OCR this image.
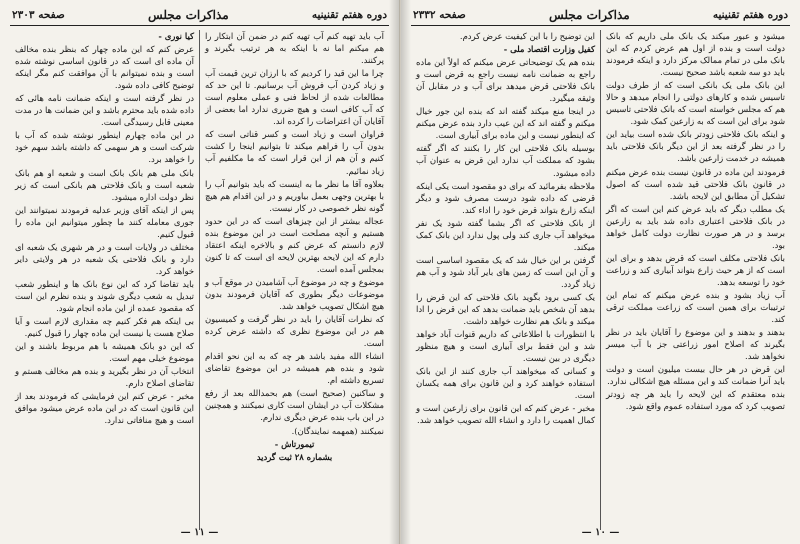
دوره هفتم تقنینیه
مذاکرات مجلس
صفحه ۲۳۰۳

آب باید تهیه کنم آب تهیه کنم در ضمن آن ابتکار را هم میکنم اما نه با اینکه به هر ترتیب بگیرند و پرکنند.

چرا ما این قید را کردیم که با ارزان ترین قیمت آب و زیاد کردن آب فروش آب برسانیم. تا این حد که مطالعات شده از لحاظ فنی و عملی معلوم است که آب کافی است و هیچ ضرری ندارد اما بعضی از آقایان آن اعتراضات را کرده اند.

فراوان است و زیاد است و کسر قناتی است که بدون آب را فراهم میکند تا بتوانیم اینجا را کشت کنیم و آن هم از این قرار است که ما مکلفیم آب زیاد نمائیم.

بعلاوه آقا ما نظر ما به اینست که باید بتوانیم آب را با بهترین وجهی بعمل بیاوریم و در این اقدام هم هیچ گونه نظر خصوصی در کار نیست.

عجاله بیشتر از این چیزهای است که در این حدود هستیم و آنچه مصلحت است در این موضوع بنده لازم دانستم که عرض کنم و بالاخره اینکه اعتقاد دارم که این لایحه بهترین لایحه ای است که تا کنون بمجلس آمده است.

موضوع و چه در موضوع آب آشامیدن در موقع آب و موضوعات دیگر بطوری که آقایان فرمودند بدون هیچ اشکال تصویب خواهد شد.

که نظرات آقایان را باید در نظر گرفت و کمیسیون هم در این موضوع نظری که داشته عرض کرده است.

انشاء الله مفید باشد هر چه که به این نحو اقدام شود و بنده هم همیشه در این موضوع تقاضای تسریع داشته ام.

و ساکنین (صحیح است) هم بحمدالله بعد از رفع مشکلات آب در ایشان است کاری نمیکنند و همچنین در این باب بنده عرض دیگری ندارم.

نمیکنند (همهمه نمایندگان).

تیمورتاش -

بشماره ۲۸ ثبت گردید

کیا نوری -

عرض کنم که این ماده چهار که بنظر بنده مخالف آن ماده ای است که در قانون اساسی نوشته شده است و بنده نمیتوانم با آن موافقت کنم مگر اینکه توضیح کافی داده شود.

در نظر گرفته است و اینکه ضمانت نامه هائی که داده شده باید محترم باشد و این ضمانت ها در مدت معینی قابل رسیدگی است.

در این ماده چهارم اینطور نوشته شده که آب با شرکت است و هر سهمی که داشته باشد سهم خود را خواهد برد.

بانک ملی هم بانک بانک است و شعبه او هم بانک شعبه است و بانک فلاحتی هم بانکی است که زیر نظر دولت اداره میشود.

پس از اینکه آقای وزیر عدلیه فرمودند نمیتوانند این جوری معامله کنند ما چطور میتوانیم این ماده را قبول کنیم.

مختلف در ولایات است و در هر شهری یک شعبه ای دارد و بانک فلاحتی یک شعبه در هر ولایتی دایر خواهد کرد.

باید تقاضا کرد که این نوع بانک ها و اینطور شعب تبدیل به شعب دیگری شوند و بنده نظرم این است که مقصود عمده از این ماده انجام شود.

بی اینکه هم فکر کنیم چه مقداری لازم است و آیا صلاح هست یا نیست این ماده چهار را قبول کنیم.

که این دو بانک همیشه با هم مربوط باشند و این موضوع خیلی مهم است.

انتخاب آن در نظر بگیرید و بنده هم مخالف هستم و تقاضای اصلاح دارم.

مخبر - عرض کنم این فرمایشی که فرمودند بعد از این قانون است که در این ماده عرض میشود موافق است و هیچ منافاتی ندارد.

— ۱۱ —
دوره هفتم تقنینیه
مذاکرات مجلس
صفحه ۲۳۳۲

میشود و عبور میکند یک بانک ملی داریم که بانک دولت است و بنده از اول هم عرض کردم که این بانک ملی در تمام ممالک مرکز دارد و اینکه فرمودند باید دو سه شعبه باشد صحیح نیست.

این بانک ملی یک بانکی است که از طرف دولت تاسیس شده و کارهای دولتی را انجام میدهد و حالا هم که مجلس خواسته است که بانک فلاحتی تاسیس شود برای این است که به زارعین کمک شود.

و اینکه بانک فلاحتی زودتر بانک شده است بیاید این را در نظر گرفته بعد از این دیگر بانک فلاحتی باید همیشه در خدمت زارعین باشد.

فرمودند این ماده در قانون نیست بنده عرض میکنم در قانون بانک فلاحتی قید شده است که اصول تشکیل آن مطابق این لایحه باشد.

یک مطلب دیگر که باید عرض کنم این است که اگر در بانک فلاحتی اعتباری داده شد باید به زارعین برسد و در هر صورت نظارت دولت کامل خواهد بود.

بانک فلاحتی مکلف است که قرض بدهد و برای این است که از هر حیث زارع بتواند آبیاری کند و زراعت خود را توسعه بدهد.

آب زیاد بشود و بنده عرض میکنم که تمام این ترتیبات برای همین است که زراعت مملکت ترقی کند.

بدهند و بدهند و این موضوع را آقایان باید در نظر بگیرند که اصلاح امور زراعتی جز با آب میسر نخواهد شد.

این قرض در هر حال بیست میلیون است و دولت باید آنرا ضمانت کند و این مسئله هیچ اشکالی ندارد.

بنده معتقدم که این لایحه را باید هر چه زودتر تصویب کرد که مورد استفاده عموم واقع شود.

این توضیح را با این کیفیت عرض کردم.

کفیل وزارت اقتصاد ملی -

بنده هم یک توضیحاتی عرض میکنم که اولاً این ماده راجع به ضمانت نامه نیست راجع به قرض است و بانک فلاحتی قرض میدهد برای آب و در مقابل آن وثیقه میگیرد.

در اینجا منع میکند گفته اند که بنده این جور خیال میکنم و گفته اند که این عیب دارد بنده عرض میکنم که اینطور نیست و این ماده برای آبیاری است.

بوسیله بانک فلاحتی این کار را بکنند که اگر گفته بشود که مملکت آب ندارد این قرض به عنوان آب داده میشود.

ملاحظه بفرمائید که برای دو مقصود است یکی اینکه قرضی که داده شود درست مصرف شود و دیگر اینکه زارع بتواند قرض خود را اداء کند.

از بانک فلاحتی که اگر بشما گفته شود یک نفر میخواهد آب جاری کند ولی پول ندارد این بانک کمک میکند.

گرفتن بر این خیال شد که یک مقصود اساسی است و آن این است که زمین های بایر آباد شود و آب هم زیاد گردد.

یک کسی برود بگوید بانک فلاحتی که این قرض را بدهد آن شخص باید ضمانت بدهد که این قرض را ادا میکند و بانک هم نظارت خواهد داشت.

با انتظورات با اطلاعاتی که داریم قنوات آباد خواهد شد و این فقط برای آبیاری است و هیچ منظور دیگری در بین نیست.

و کسانی که میخواهند آب جاری کنند از این بانک استفاده خواهند کرد و این قانون برای همه یکسان است.

مخبر - عرض کنم که این قانون برای زارعین است و کمال اهمیت را دارد و انشاء الله تصویب خواهد شد.

— ۱۰ —
